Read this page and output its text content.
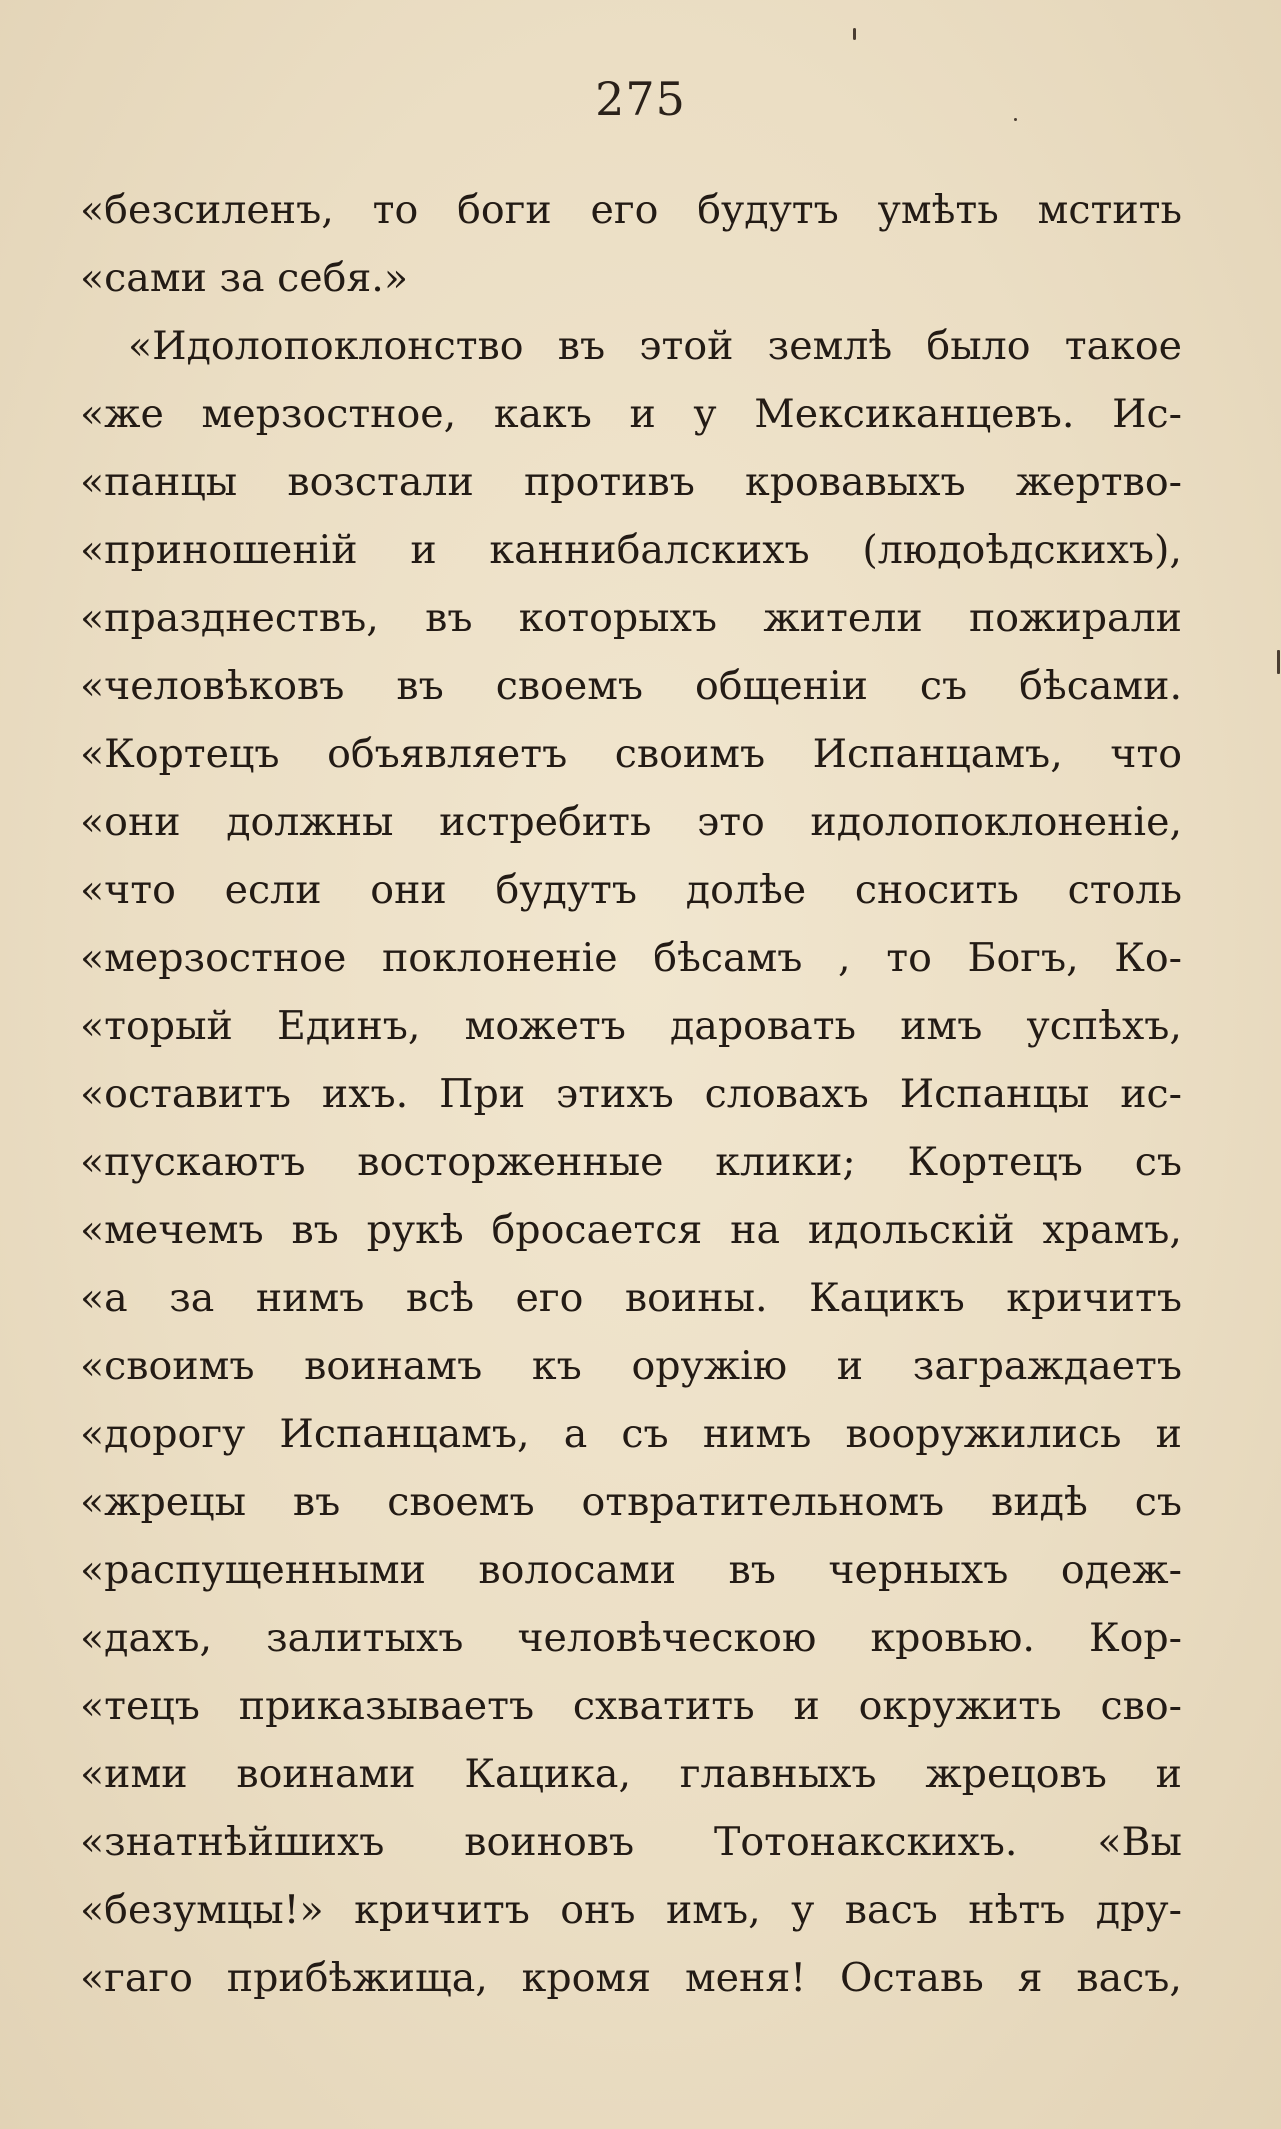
275
«безсиленъ, то боги его будутъ умѣть мстить
«сами за себя.»
«Идолопоклонство въ этой землѣ было такое
«же мерзостное, какъ и у Мексиканцевъ. Ис-
«панцы возстали противъ кровавыхъ жертво-
«приношенiй и каннибалскихъ (людоѣдскихъ),
«празднествъ, въ которыхъ жители пожирали
«человѣковъ въ своемъ общенiи съ бѣсами.
«Кортецъ объявляетъ своимъ Испанцамъ, что
«они должны истребить это идолопоклоненiе,
«что если они будутъ долѣе сносить столь
«мерзостное поклоненiе бѣсамъ , то Богъ, Ко-
«торый Единъ, можетъ даровать имъ успѣхъ,
«оставитъ ихъ. При этихъ словахъ Испанцы ис-
«пускаютъ восторженные клики; Кортецъ съ
«мечемъ въ рукѣ бросается на идольскiй храмъ,
«а за нимъ всѣ его воины. Кацикъ кричитъ
«своимъ воинамъ къ оружiю и заграждаетъ
«дорогу Испанцамъ, а съ нимъ вооружились и
«жрецы въ своемъ отвратительномъ видѣ съ
«распущенными волосами въ черныхъ одеж-
«дахъ, залитыхъ человѣческою кровью. Кор-
«тецъ приказываетъ схватить и окружить сво-
«ими воинами Кацика, главныхъ жрецовъ и
«знатнѣйшихъ воиновъ Тотонакскихъ. «Вы
«безумцы!» кричитъ онъ имъ, у васъ нѣтъ дру-
«гаго прибѣжища, кромя меня! Оставь я васъ,
